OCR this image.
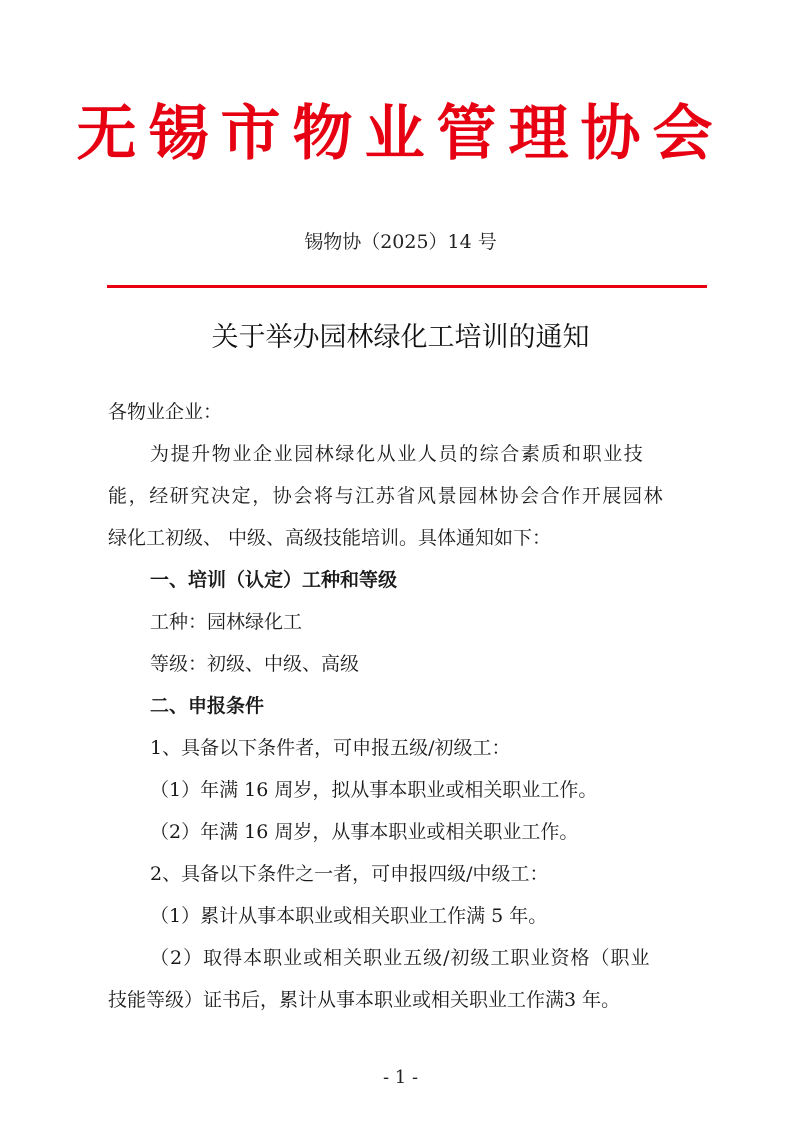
无锡市物业管理协会
锡物协（2025）14 号
关于举办园林绿化工培训的通知
各物业企业：
为提升物业企业园林绿化从业人员的综合素质和职业技
能，经研究决定，协会将与江苏省风景园林协会合作开展园林
绿化工初级、 中级、高级技能培训。具体通知如下：
一、培训（认定）工种和等级
工种：园林绿化工
等级：初级、中级、高级
二、申报条件
1、具备以下条件者，可申报五级/初级工：
（1）年满 16 周岁，拟从事本职业或相关职业工作。
（2）年满 16 周岁，从事本职业或相关职业工作。
2、具备以下条件之一者，可申报四级/中级工：
（1）累计从事本职业或相关职业工作满 5 年。
（2）取得本职业或相关职业五级/初级工职业资格（职业
技能等级）证书后，累计从事本职业或相关职业工作满3 年。
- 1 -
